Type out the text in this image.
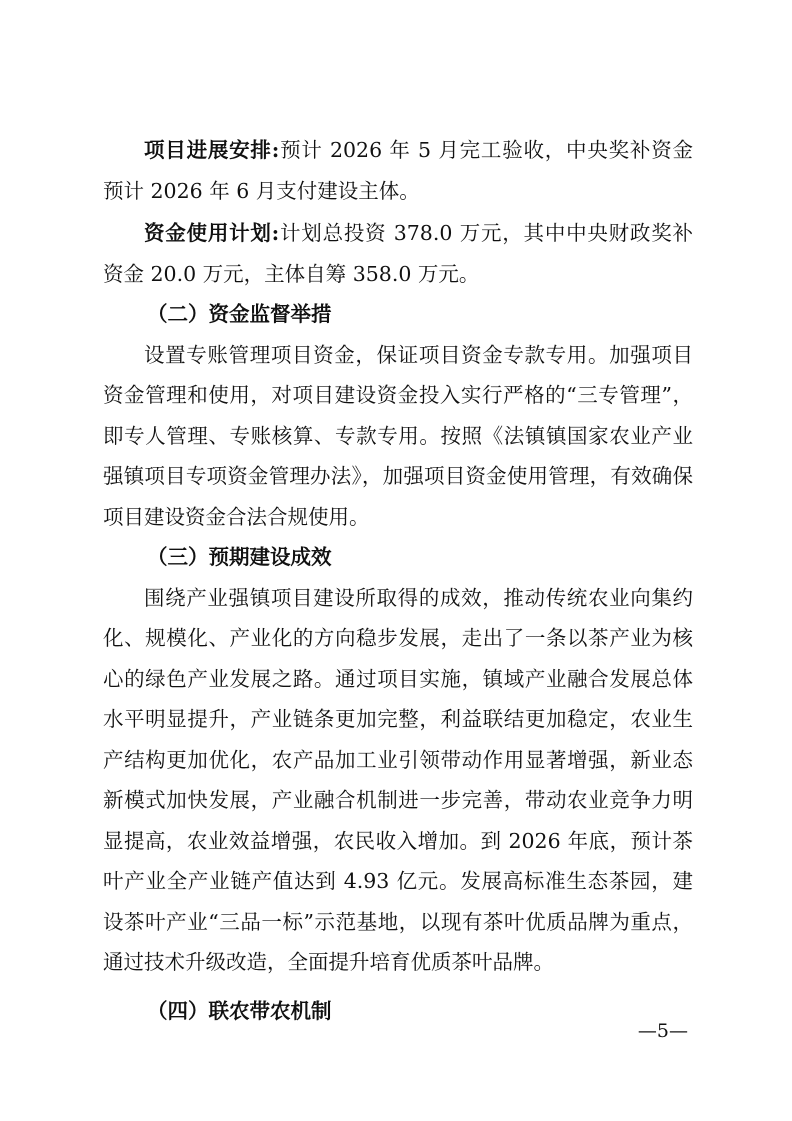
项目进展安排:预计 2026 年 5 月完工验收，中央奖补资金预计 2026 年 6 月支付建设主体。

资金使用计划:计划总投资 378.0 万元，其中中央财政奖补资金 20.0 万元，主体自筹 358.0 万元。

（二）资金监督举措

设置专账管理项目资金，保证项目资金专款专用。加强项目资金管理和使用，对项目建设资金投入实行严格的“三专管理”，即专人管理、专账核算、专款专用。按照《法镇镇国家农业产业强镇项目专项资金管理办法》，加强项目资金使用管理，有效确保项目建设资金合法合规使用。

（三）预期建设成效

围绕产业强镇项目建设所取得的成效，推动传统农业向集约化、规模化、产业化的方向稳步发展，走出了一条以茶产业为核心的绿色产业发展之路。通过项目实施，镇域产业融合发展总体水平明显提升，产业链条更加完整，利益联结更加稳定，农业生产结构更加优化，农产品加工业引领带动作用显著增强，新业态新模式加快发展，产业融合机制进一步完善，带动农业竞争力明显提高，农业效益增强，农民收入增加。到 2026 年底，预计茶叶产业全产业链产值达到 4.93 亿元。发展高标准生态茶园，建设茶叶产业“三品一标”示范基地，以现有茶叶优质品牌为重点，通过技术升级改造，全面提升培育优质茶叶品牌。

（四）联农带农机制

—5—
